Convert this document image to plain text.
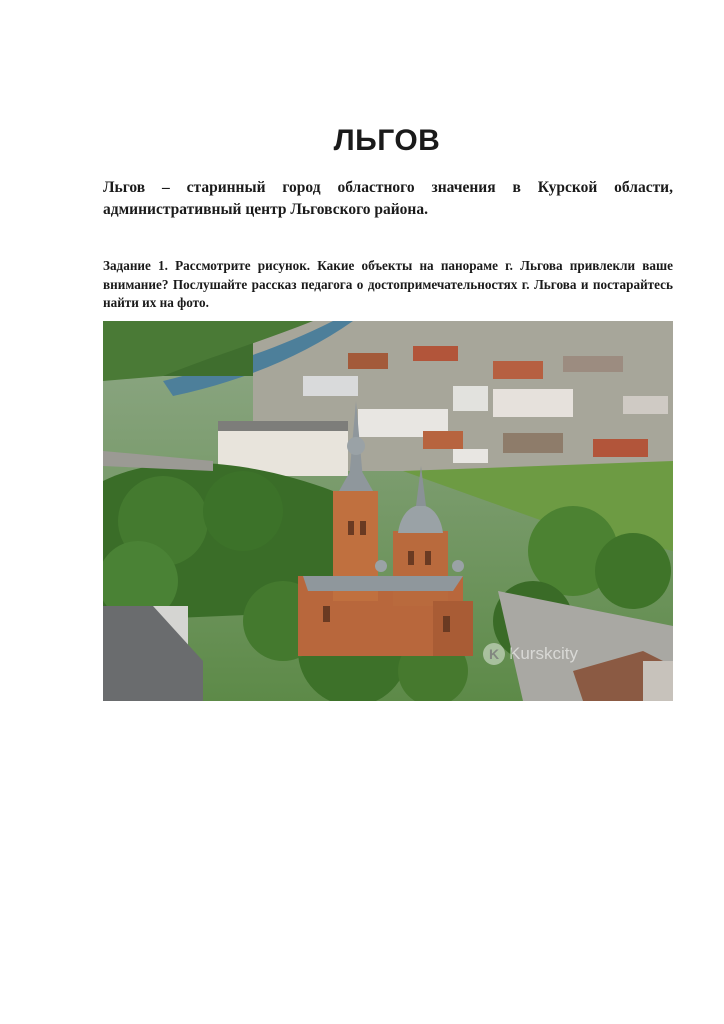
ЛЬГОВ
Льгов – старинный город областного значения в Курской области, административный центр Льговского района.
Задание 1. Рассмотрите рисунок. Какие объекты на панораме г. Льгова привлекли ваше внимание? Послушайте рассказ педагога о достопримечательностях г. Льгова и постарайтесь найти их на фото.
K Kurskcity
